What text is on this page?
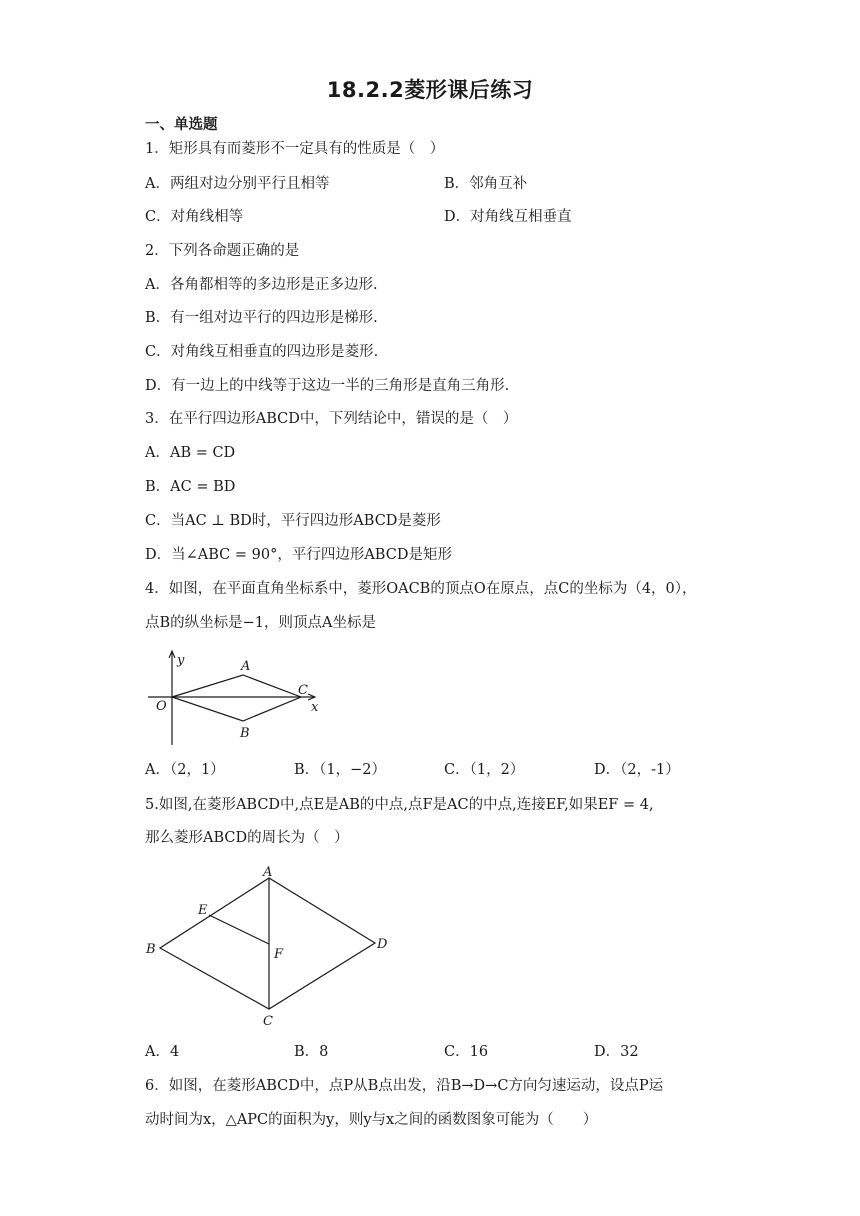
18.2.2菱形课后练习
一、单选题
1．矩形具有而菱形不一定具有的性质是（　）
A．两组对边分别平行且相等	B．邻角互补
C．对角线相等	D．对角线互相垂直
2．下列各命题正确的是
A．各角都相等的多边形是正多边形.
B．有一组对边平行的四边形是梯形.
C．对角线互相垂直的四边形是菱形.
D．有一边上的中线等于这边一半的三角形是直角三角形.
3．在平行四边形ABCD中，下列结论中，错误的是（　）
A．AB = CD
B．AC = BD
C．当AC ⊥ BD时，平行四边形ABCD是菱形
D．当∠ABC = 90°，平行四边形ABCD是矩形
4．如图，在平面直角坐标系中，菱形OACB的顶点O在原点，点C的坐标为（4，0），
点B的纵坐标是−1，则顶点A坐标是
y
x
O
A
B
C
A．（2，1）	B．（1，−2）	C．（1，2）	D．（2，-1）
5.如图,在菱形ABCD中,点E是AB的中点,点F是AC的中点,连接EF,如果EF = 4,
那么菱形ABCD的周长为（　）
A
B
C
D
E
F
A．4	B．8	C．16	D．32
6．如图，在菱形ABCD中，点P从B点出发，沿B→D→C方向匀速运动，设点P运
动时间为x，△APC的面积为y，则y与x之间的函数图象可能为（　　）
